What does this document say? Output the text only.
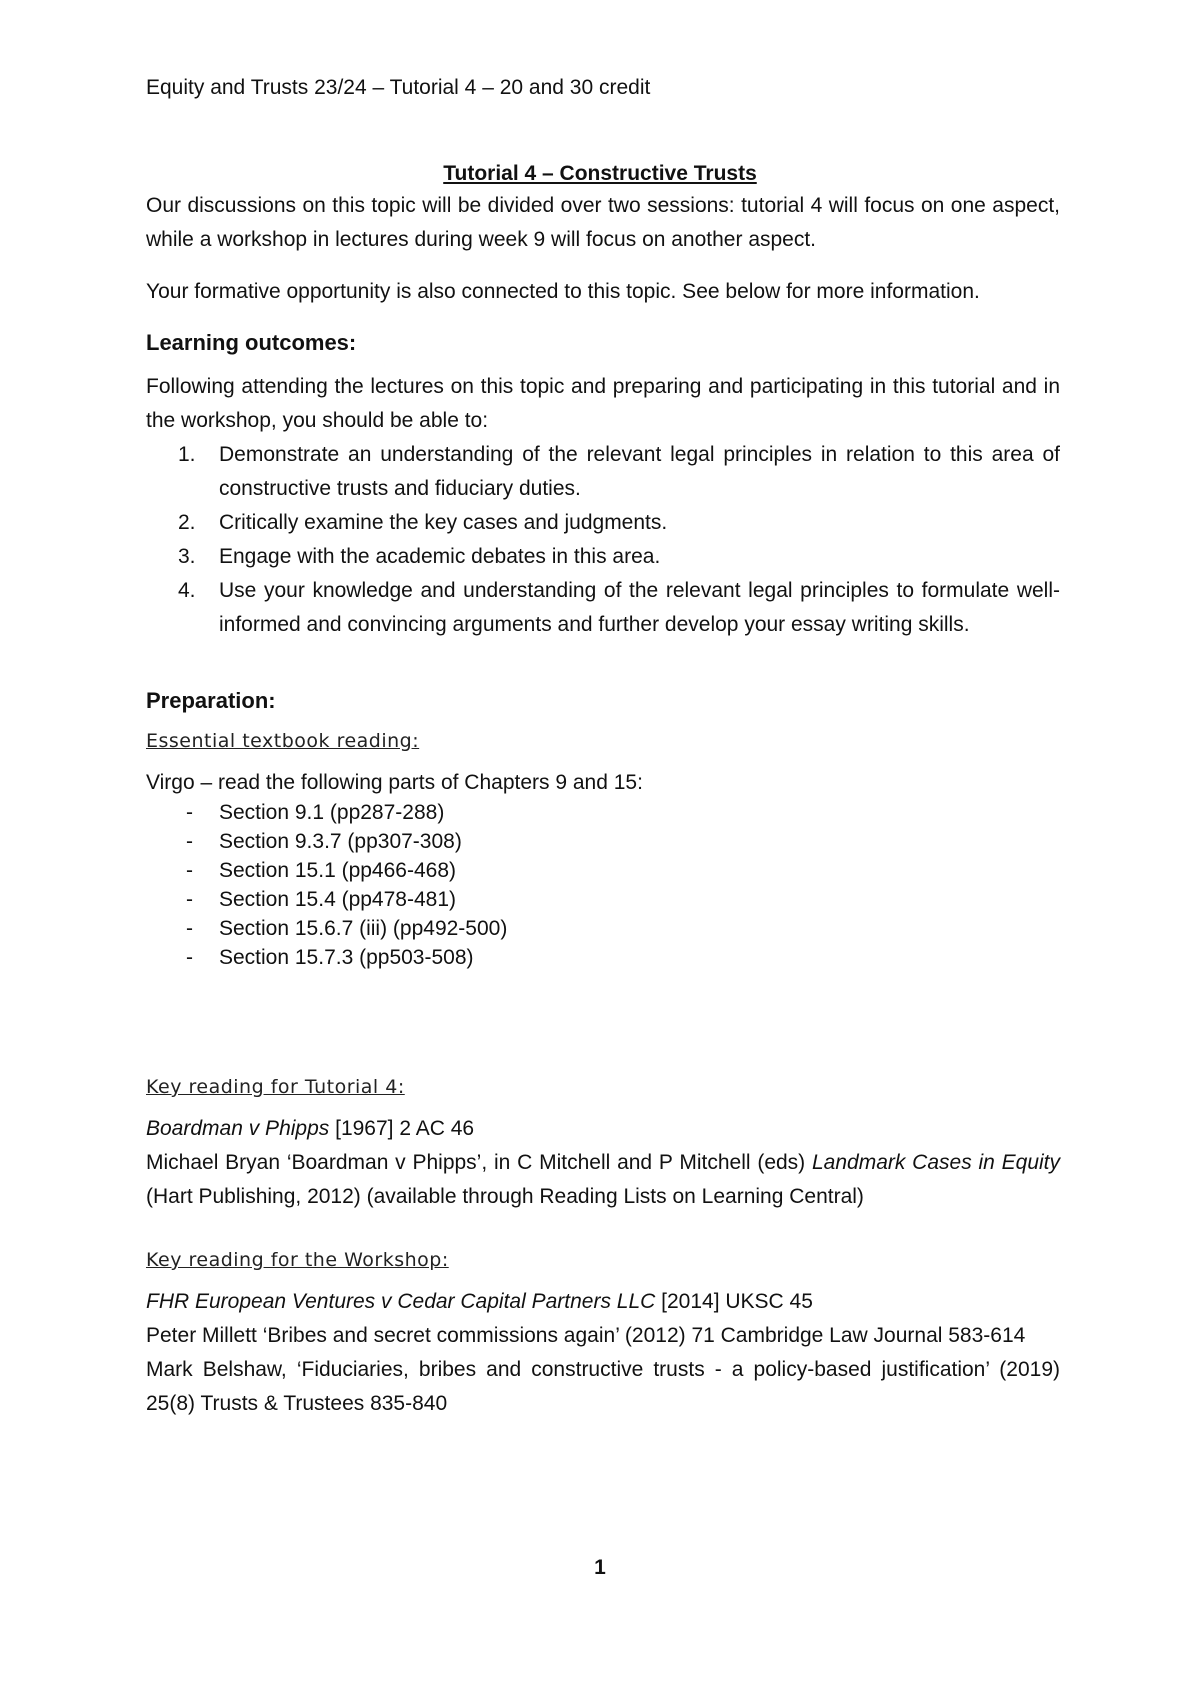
Equity and Trusts 23/24 – Tutorial 4 – 20 and 30 credit
Tutorial 4 – Constructive Trusts

Our discussions on this topic will be divided over two sessions: tutorial 4 will focus on one aspect, while a workshop in lectures during week 9 will focus on another aspect.

Your formative opportunity is also connected to this topic. See below for more information.

Learning outcomes:

Following attending the lectures on this topic and preparing and participating in this tutorial and in the workshop, you should be able to:

1. Demonstrate an understanding of the relevant legal principles in relation to this area of constructive trusts and fiduciary duties.
2. Critically examine the key cases and judgments.
3. Engage with the academic debates in this area.
4. Use your knowledge and understanding of the relevant legal principles to formulate well-informed and convincing arguments and further develop your essay writing skills.

Preparation:

Essential textbook reading:

Virgo – read the following parts of Chapters 9 and 15:

- Section 9.1 (pp287-288)
- Section 9.3.7 (pp307-308)
- Section 15.1 (pp466-468)
- Section 15.4 (pp478-481)
- Section 15.6.7 (iii) (pp492-500)
- Section 15.7.3 (pp503-508)

Key reading for Tutorial 4:

Boardman v Phipps [1967] 2 AC 46

Michael Bryan ‘Boardman v Phipps’, in C Mitchell and P Mitchell (eds) Landmark Cases in Equity (Hart Publishing, 2012) (available through Reading Lists on Learning Central)

Key reading for the Workshop:

FHR European Ventures v Cedar Capital Partners LLC [2014] UKSC 45

Peter Millett ‘Bribes and secret commissions again’ (2012) 71 Cambridge Law Journal 583-614

Mark Belshaw, ‘Fiduciaries, bribes and constructive trusts - a policy-based justification’ (2019) 25(8) Trusts & Trustees 835-840

1
